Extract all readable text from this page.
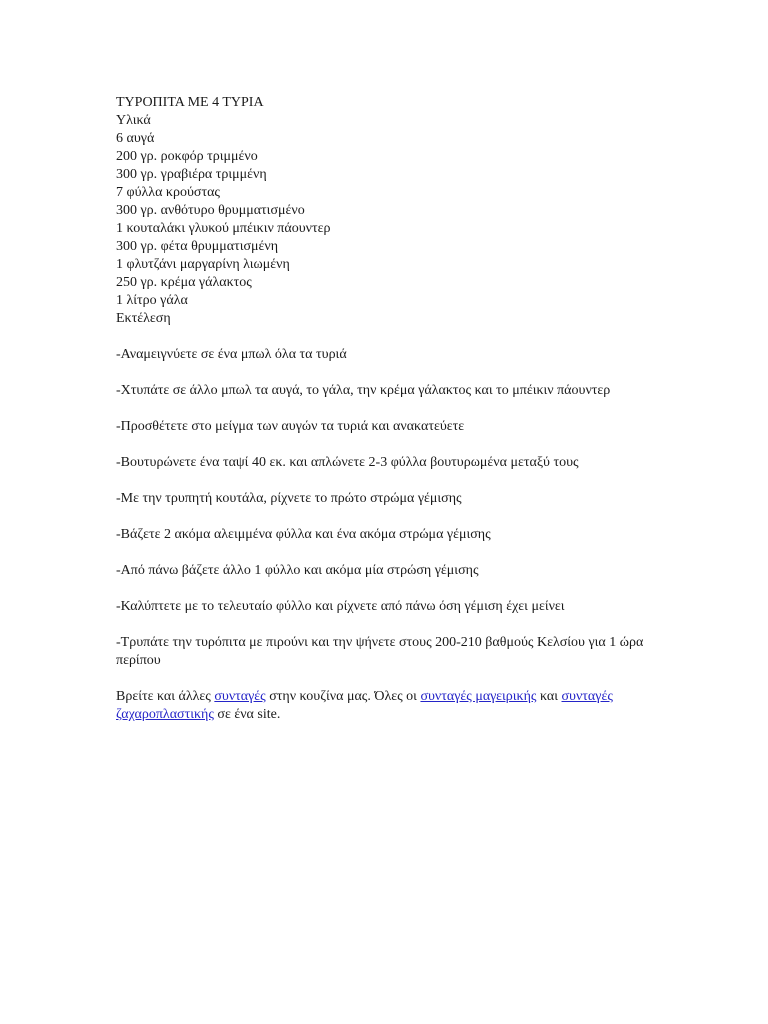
ΤΥΡΟΠΙΤΑ ΜΕ 4 ΤΥΡΙΑ
Υλικά
6 αυγά
200 γρ. ροκφόρ τριμμένο
300 γρ. γραβιέρα τριμμένη
7 φύλλα κρούστας
300 γρ. ανθότυρο θρυμματισμένο
1 κουταλάκι γλυκού μπέικιν πάουντερ
300 γρ. φέτα θρυμματισμένη
1 φλυτζάνι μαργαρίνη λιωμένη
250 γρ. κρέμα γάλακτος
1 λίτρο γάλα
Εκτέλεση
-Αναμειγνύετε σε ένα μπωλ όλα τα τυριά
-Χτυπάτε σε άλλο μπωλ τα αυγά, το γάλα, την κρέμα γάλακτος και το μπέικιν πάουντερ
-Προσθέτετε στο μείγμα των αυγών τα τυριά και ανακατεύετε
-Βουτυρώνετε ένα ταψί 40 εκ. και απλώνετε 2-3 φύλλα βουτυρωμένα μεταξύ τους
-Με την τρυπητή κουτάλα, ρίχνετε το πρώτο στρώμα γέμισης
-Βάζετε 2 ακόμα αλειμμένα φύλλα και ένα ακόμα στρώμα γέμισης
-Από πάνω βάζετε άλλο 1 φύλλο και ακόμα μία στρώση γέμισης
-Καλύπτετε με το τελευταίο φύλλο και ρίχνετε από πάνω όση γέμιση έχει μείνει
-Τρυπάτε την τυρόπιτα με πιρούνι και την ψήνετε στους 200-210 βαθμούς Κελσίου για 1 ώρα περίπου
Βρείτε και άλλες συνταγές στην κουζίνα μας. Όλες οι συνταγές μαγειρικής και συνταγές ζαχαροπλαστικής σε ένα site.
